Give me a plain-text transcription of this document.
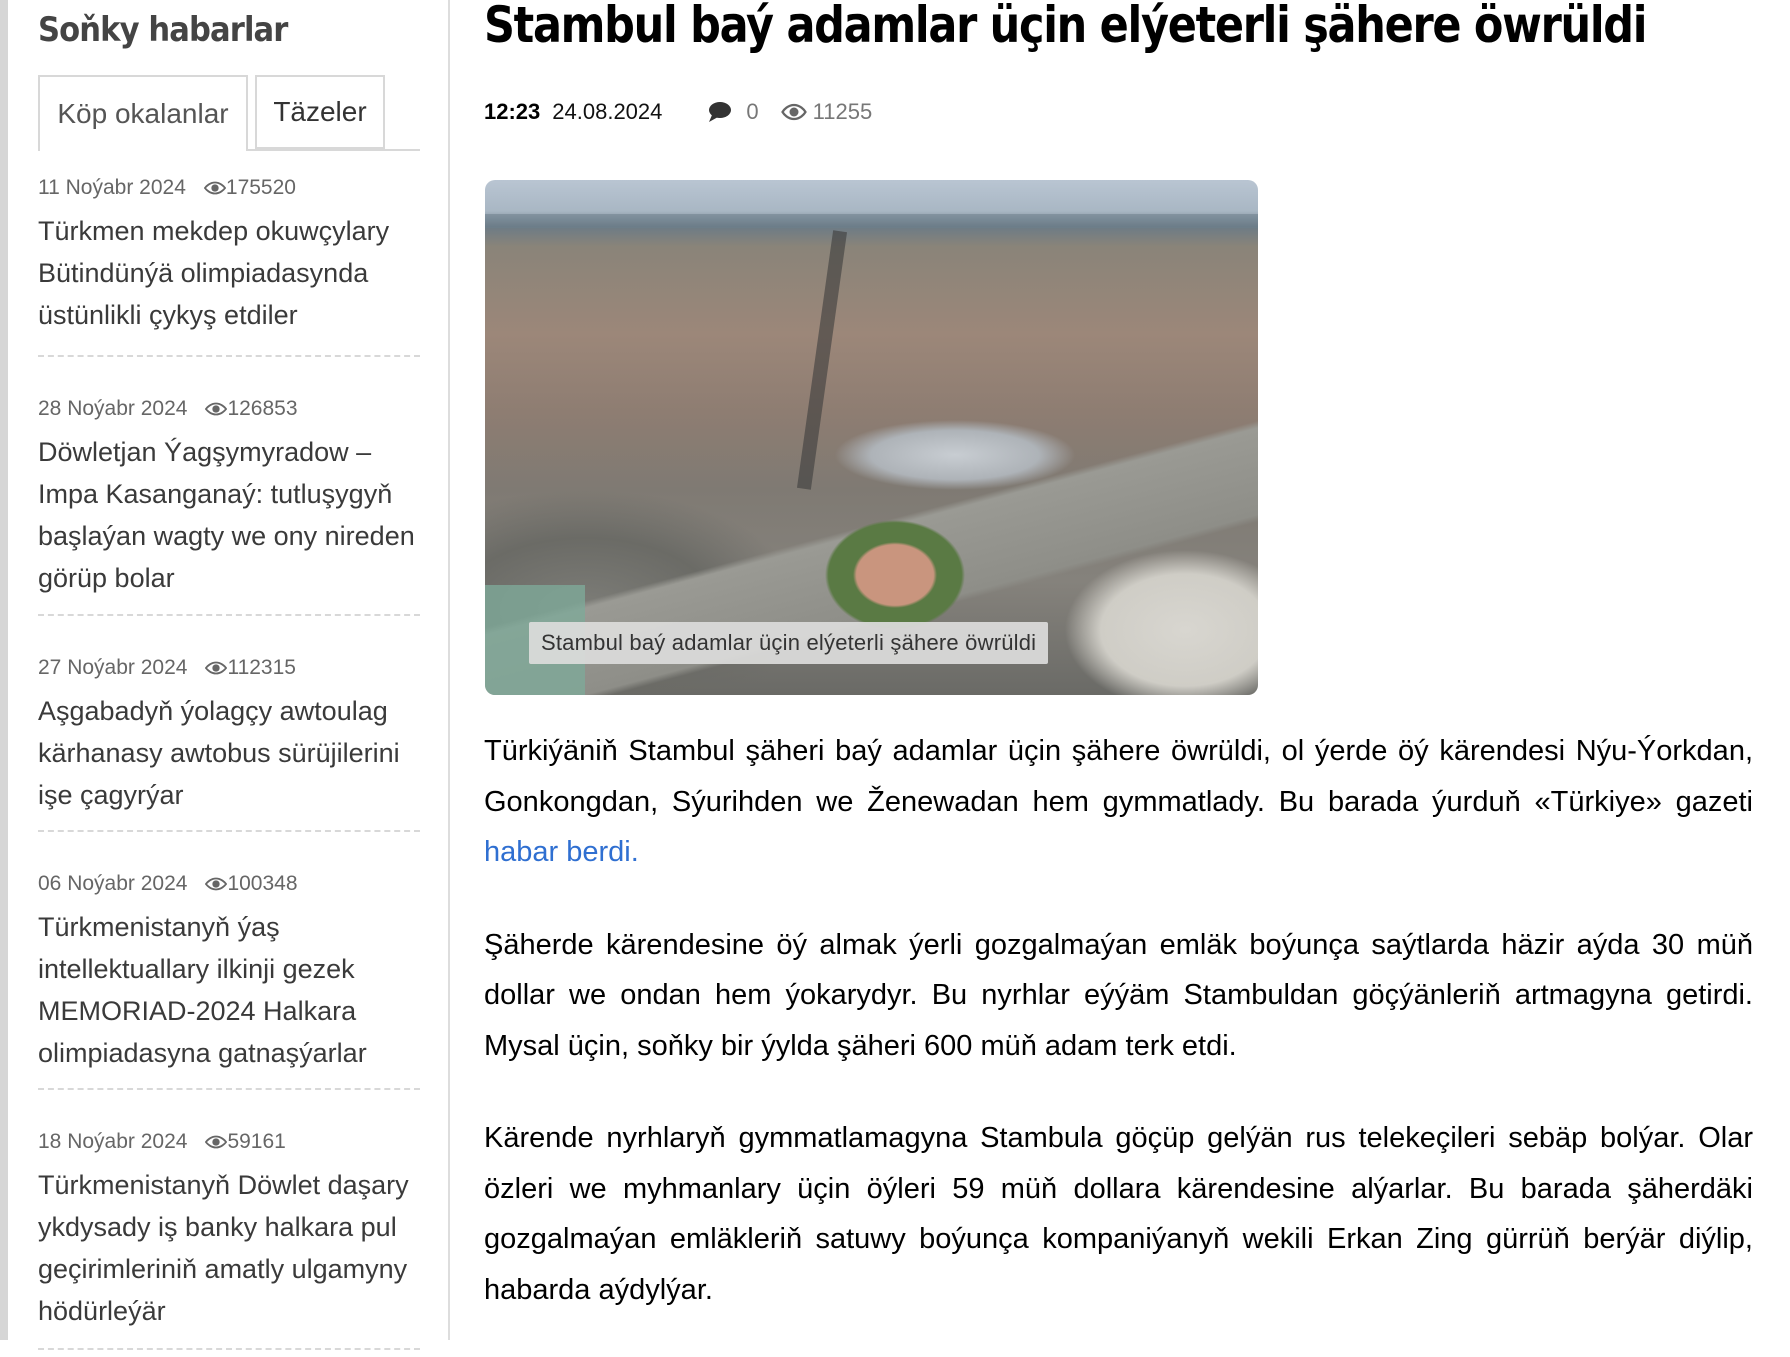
Soňky habarlar
Köp okalanlar	Täzeler
11 Noýabr 2024 175520
Türkmen mekdep okuwçylary Bütindünýä olimpiadasynda üstünlikli çykyş etdiler
28 Noýabr 2024 126853
Döwletjan Ýagşymyradow – Impa Kasanganaý: tutluşygyň başlaýan wagty we ony nireden görüp bolar
27 Noýabr 2024 112315
Aşgabadyň ýolagçy awtoulag kärhanasy awtobus sürüjilerini işe çagyrýar
06 Noýabr 2024 100348
Türkmenistanyň ýaş intellektuallary ilkinji gezek MEMORIAD-2024 Halkara olimpiadasyna gatnaşýarlar
18 Noýabr 2024 59161
Türkmenistanyň Döwlet daşary ykdysady iş banky halkara pul geçirimleriniň amatly ulgamyny hödürleýär
Stambul baý adamlar üçin elýeterli şähere öwrüldi
12:23 24.08.2024	0 11255
Stambul baý adamlar üçin elýeterli şähere öwrüldi

Türkiýäniň Stambul şäheri baý adamlar üçin şähere öwrüldi, ol ýerde öý kärendesi Nýu-Ýorkdan, Gonkongdan, Sýurihden we Ženewadan hem gymmatlady. Bu barada ýurduň «Türkiye» gazeti habar berdi.

Şäherde kärendesine öý almak ýerli gozgalmaýan emläk boýunça saýtlarda häzir aýda 30 müň dollar we ondan hem ýokarydyr. Bu nyrhlar eýýäm Stambuldan göçýänleriň artmagyna getirdi. Mysal üçin, soňky bir ýylda şäheri 600 müň adam terk etdi.

Kärende nyrhlaryň gymmatlamagyna Stambula göçüp gelýän rus telekeçileri sebäp bolýar. Olar özleri we myhmanlary üçin öýleri 59 müň dollara kärendesine alýarlar. Bu barada şäherdäki gozgalmaýan emläkleriň satuwy boýunça kompaniýanyň wekili Erkan Zing gürrüň berýär diýlip, habarda aýdylýar.
